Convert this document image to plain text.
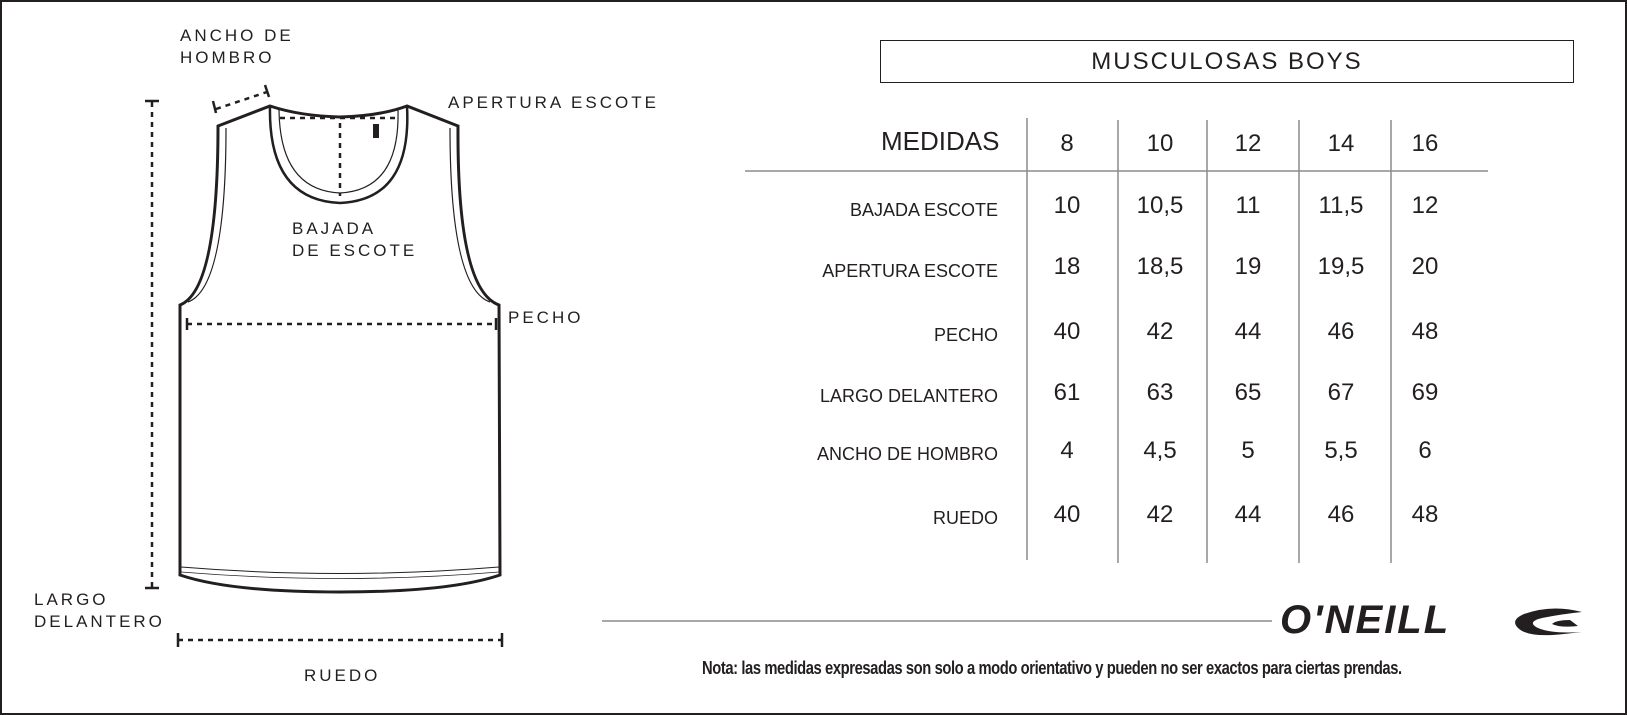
ANCHO DE
HOMBRO
APERTURA ESCOTE
BAJADA
DE ESCOTE
PECHO
LARGO
DELANTERO
RUEDO
MUSCULOSAS BOYS
MEDIDAS	8	10	12	14	16
BAJADA ESCOTE	10	10,5	11	11,5	12
APERTURA ESCOTE	18	18,5	19	19,5	20
PECHO	40	42	44	46	48
LARGO DELANTERO	61	63	65	67	69
ANCHO DE HOMBRO	4	4,5	5	5,5	6
RUEDO	40	42	44	46	48
O'NEILL
Nota: las medidas expresadas son solo a modo orientativo y pueden no ser exactos para ciertas prendas.
